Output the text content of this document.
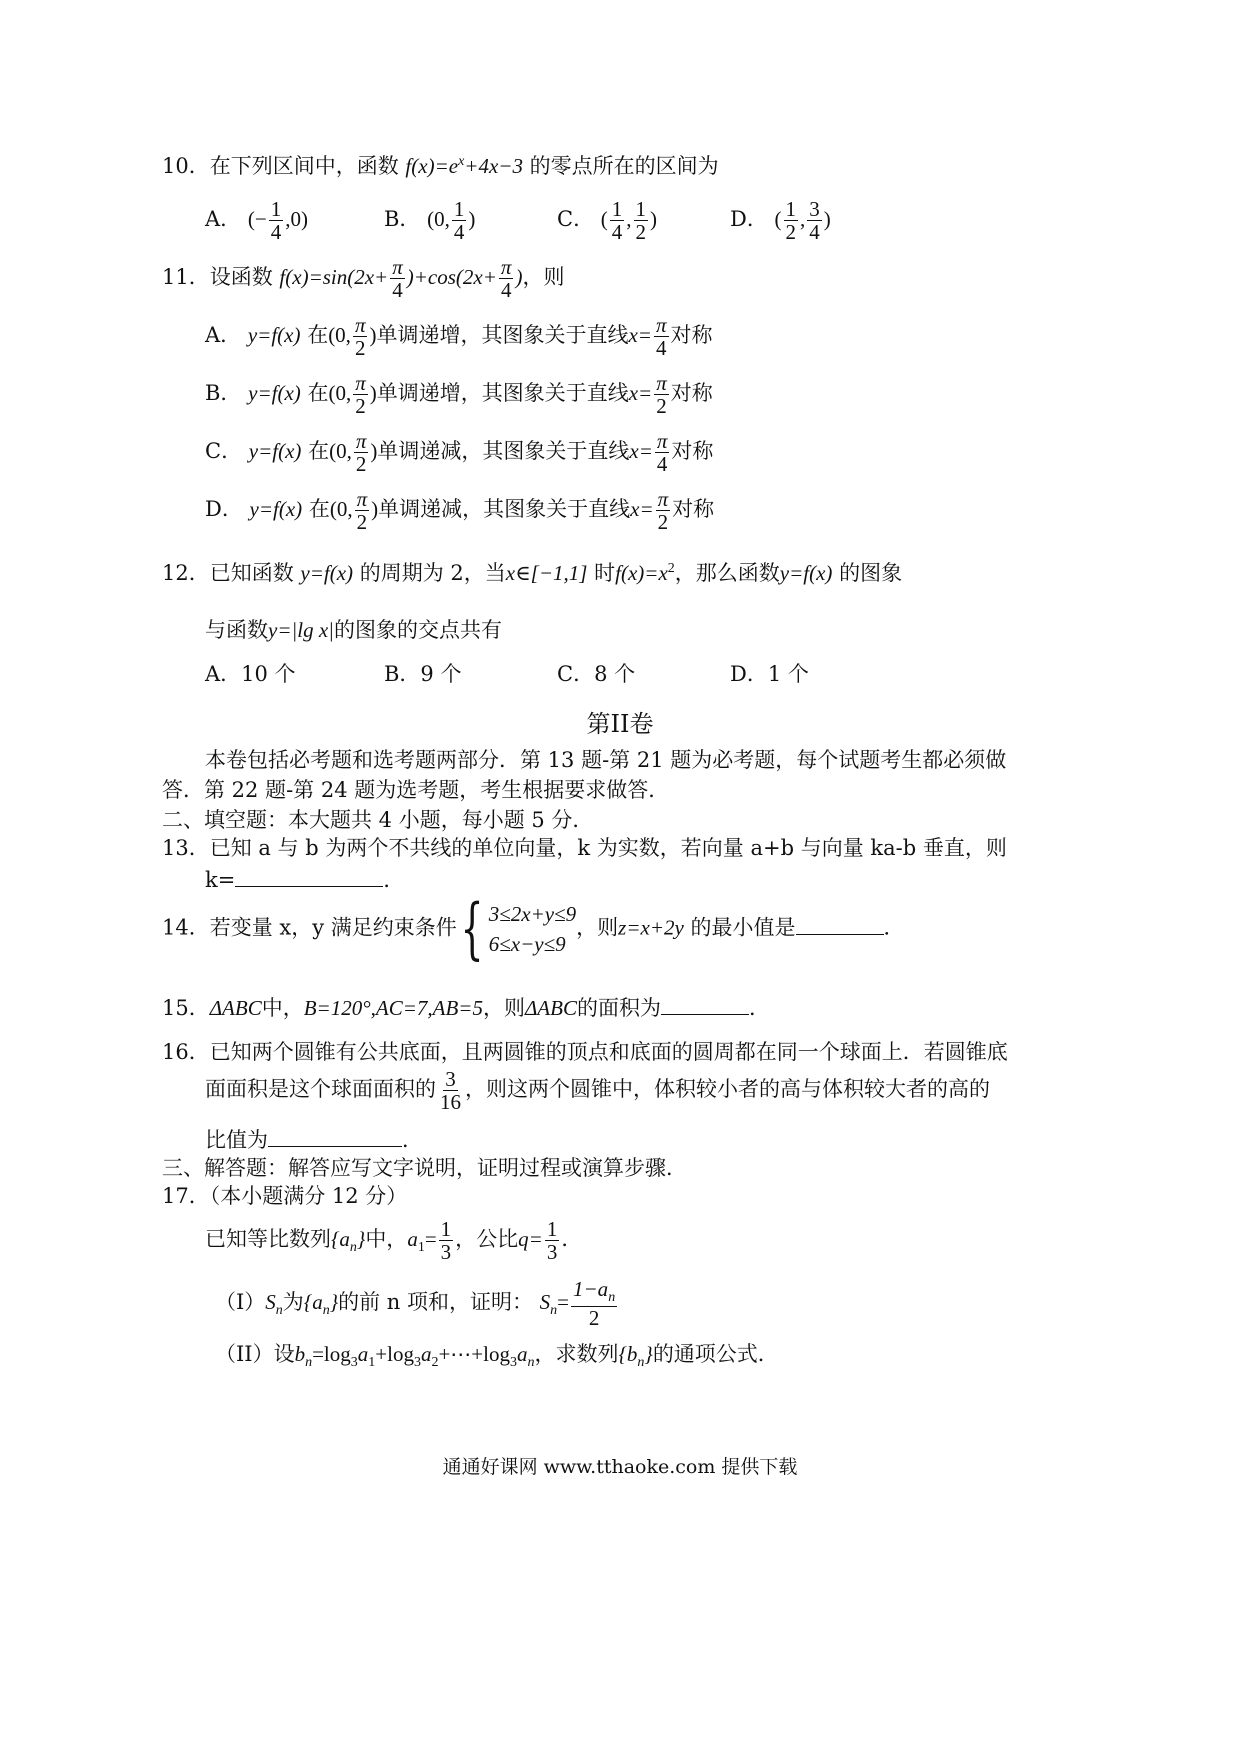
10．在下列区间中，函数 $f(x)=e^x+4x-3$ 的零点所在的区间为
A． (− $\frac{1}{4} ,0$)	B． (0, $\frac{1}{4}$ )	C． ( $\frac{1}{4}$ , $\frac{1}{2}$ )	D． ( $\frac{1}{2}$ , $\frac{3}{4}$ )
11．设函数 $f(x)=\sin(2x+ \frac{\pi}{4} )+\cos(2x+ \frac{\pi}{4}$ )，则
A． y=f(x) 在(0, $\frac{\pi}{2}$ )单调递增，其图象关于直线$x= \frac{\pi}{4}$ 对称
B． y=f(x) 在(0, $\frac{\pi}{2}$ )单调递增，其图象关于直线$x= \frac{\pi}{2}$ 对称
C． y=f(x) 在(0, $\frac{\pi}{2}$ )单调递减，其图象关于直线$x= \frac{\pi}{4}$ 对称
D． y=f(x) 在(0, $\frac{\pi}{2}$ )单调递减，其图象关于直线$x= \frac{\pi}{2}$ 对称
12．已知函数 y=f(x) 的周期为 2，当x∈[−1,1] 时$f(x)=x^2$，那么函数y=f(x) 的图象
与函数y=|lg x|的图象的交点共有
A．10 个	B．9 个	C．8 个	D．1 个
第II卷
本卷包括必考题和选考题两部分．第 13 题-第 21 题为必考题，每个试题考生都必须做
答．第 22 题-第 24 题为选考题，考生根据要求做答．
二、填空题：本大题共 4 小题，每小题 5 分．
13．已知 a 与 b 为两个不共线的单位向量，k 为实数，若向量 a+b 与向量 ka-b 垂直，则
k=	．
14．若变量 x，y 满足约束条件 { 3≤2x+y≤9
6≤x−y≤9
，则z=x+2y 的最小值是	．
15．ΔABC中，B=120°,AC=7,AB=5，则ΔABC的面积为	．
16．已知两个圆锥有公共底面，且两圆锥的顶点和底面的圆周都在同一个球面上．若圆锥底
面面积是这个球面面积的 $\frac{3}{16}$ ，则这两个圆锥中，体积较小者的高与体积较大者的高的
比值为	．
三、解答题：解答应写文字说明，证明过程或演算步骤．
17．（本小题满分 12 分）
已知等比数列$\{a_n\}$中，$a_1= \frac{1}{3}$ ，公比$q= \frac{1}{3}$ ．
$(I)S_n$为$\{a_n\}$的前 n 项和，证明： $S_n= \frac{1-a_n}{2}$
（II）设$b_n=\log_3a_1+\log_3a_2+\cdots+\log_3a_n$，求数列$\{b_n\}$的通项公式．
通通好课网 www.tthaoke.com 提供下载
